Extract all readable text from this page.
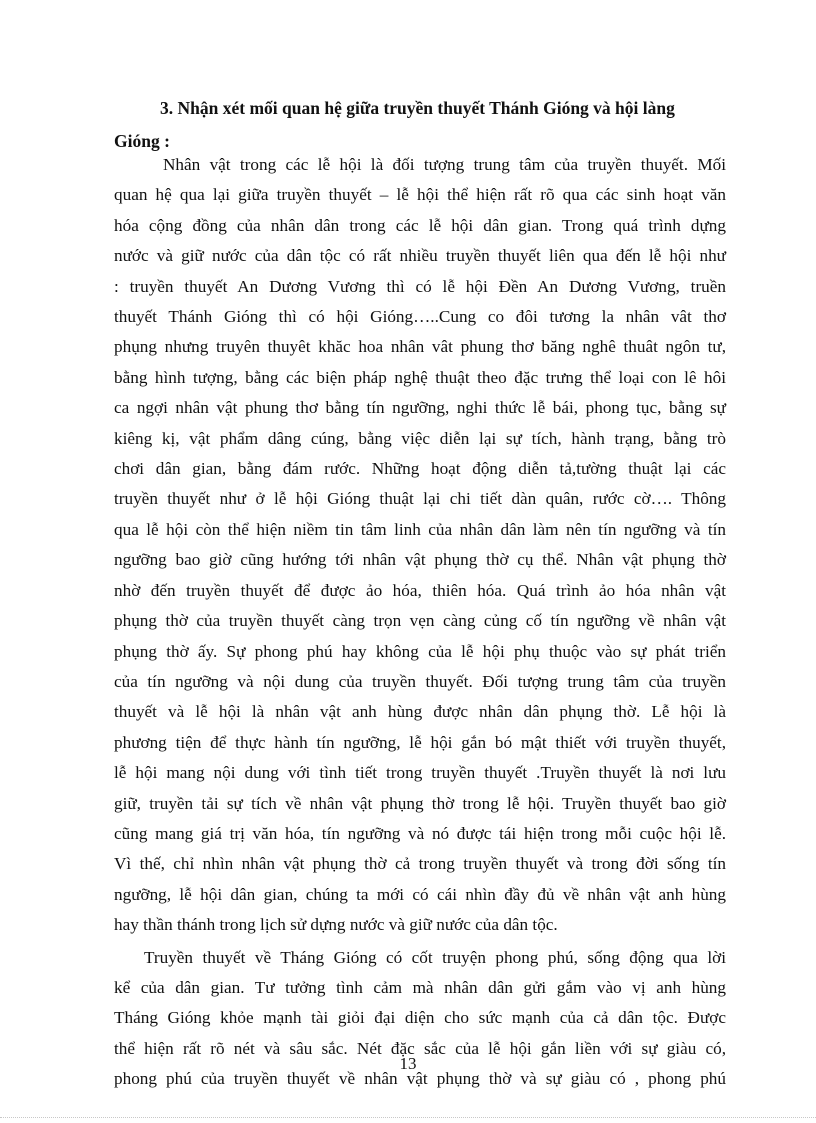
3. Nhận xét mối quan hệ giữa truyền thuyết Thánh Gióng và hội làng
Gióng :

Nhân vật trong các lễ hội là đối tượng trung tâm của truyền thuyết. Mối
quan hệ qua lại giữa truyền thuyết – lễ hội thể hiện rất rõ qua các sinh hoạt văn
hóa cộng đồng của nhân dân trong các lễ hội dân gian. Trong quá trình dựng
nước và giữ nước của dân tộc có rất nhiều truyền thuyết liên qua đến lễ hội như
: truyền thuyết An Dương Vương thì có lễ hội Đền An Dương Vương, truền
thuyết Thánh Gióng thì có hội Gióng…..Cung co đôi tương la nhân vât thơ
phụng nhưng truyên thuyêt khăc hoa nhân vât phung thơ băng nghê thuât ngôn tư,
bằng hình tượng, bằng các biện pháp nghệ thuật theo đặc trưng thể loại con lê hôi
ca ngợi nhân vật phung thơ bằng tín ngưỡng, nghi thức lễ bái, phong tục, bằng sự
kiêng kị, vật phẩm dâng cúng, bằng việc diễn lại sự tích, hành trạng, bằng trò
chơi dân gian, bằng đám rước. Những hoạt động diễn tả,tường thuật lại các
truyền thuyết như ở lễ hội Gióng thuật lại chi tiết dàn quân, rước cờ…. Thông
qua lễ hội còn thể hiện niềm tin tâm linh của nhân dân làm nên tín ngưỡng và tín
ngưỡng bao giờ cũng hướng tới nhân vật phụng thờ cụ thể. Nhân vật phụng thờ
nhờ đến truyền thuyết để được ảo hóa, thiên hóa. Quá trình ảo hóa nhân vật
phụng thờ của truyền thuyết càng trọn vẹn càng củng cố tín ngưỡng về nhân vật
phụng thờ ấy. Sự phong phú hay không của lễ hội phụ thuộc vào sự phát triển
của tín ngưỡng và nội dung của truyền thuyết. Đối tượng trung tâm của truyền
thuyết và lễ hội là nhân vật anh hùng được nhân dân phụng thờ. Lễ hội là
phương tiện để thực hành tín ngưỡng, lễ hội gắn bó mật thiết với truyền thuyết,
lễ hội mang nội dung với tình tiết trong truyền thuyết .Truyền thuyết là nơi lưu
giữ, truyền tải sự tích về nhân vật phụng thờ trong lễ hội. Truyền thuyết bao giờ
cũng mang giá trị văn hóa, tín ngưỡng và nó được tái hiện trong mỗi cuộc hội lễ.
Vì thế, chỉ nhìn nhân vật phụng thờ cả trong truyền thuyết và trong đời sống tín
ngưỡng, lễ hội dân gian, chúng ta mới có cái nhìn đầy đủ về nhân vật anh hùng
hay thần thánh trong lịch sử dựng nước và giữ nước của dân tộc.

Truyền thuyết về Tháng Gióng có cốt truyện phong phú, sống động qua lời
kể của dân gian. Tư tưởng tình cảm mà nhân dân gửi gắm vào vị anh hùng
Tháng Gióng khỏe mạnh tài giỏi đại diện cho sức mạnh của cả dân tộc. Được
thể hiện rất rõ nét và sâu sắc. Nét đặc sắc của lễ hội gắn liền với sự giàu có,
phong phú của truyền thuyết về nhân vật phụng thờ và sự giàu có , phong phú

13
